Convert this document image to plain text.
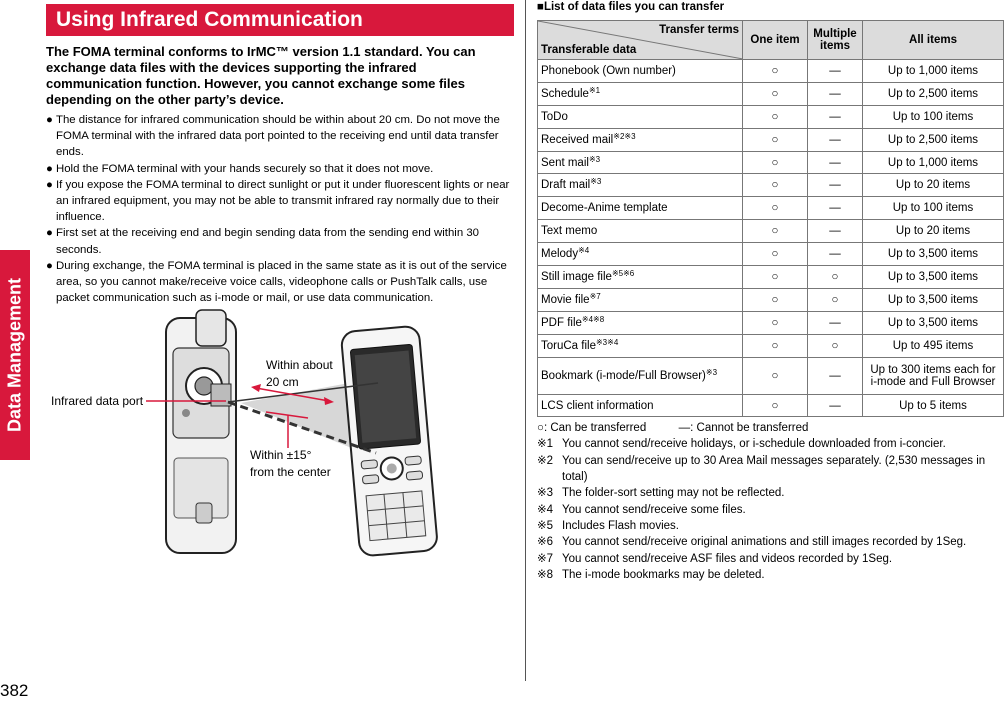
Data Management
382
Using Infrared Communication
The FOMA terminal conforms to IrMC™ version 1.1 standard. You can exchange data files with the devices supporting the infrared communication function. However, you cannot exchange some files depending on the other party’s device.
● The distance for infrared communication should be within about 20 cm. Do not move the FOMA terminal with the infrared data port pointed to the receiving end until data transfer ends.
● Hold the FOMA terminal with your hands securely so that it does not move.
● If you expose the FOMA terminal to direct sunlight or put it under fluorescent lights or near an infrared equipment, you may not be able to transmit infrared ray normally due to their influence.
● First set at the receiving end and begin sending data from the sending end within 30 seconds.
● During exchange, the FOMA terminal is placed in the same state as it is out of the service area, so you cannot make/receive voice calls, videophone calls or PushTalk calls, use packet communication such as i-mode or mail, or use data communication.
Infrared data port
Within about
20 cm
Within ±15°
from the center
■List of data files you can transfer
Transfer terms
Transferable data	One item	Multiple items	All items
Phonebook (Own number)	○	—	Up to 1,000 items
Schedule$^{※1}$	○	—	Up to 2,500 items
ToDo	○	—	Up to 100 items
Received mail$^{※2※3}$	○	—	Up to 2,500 items
Sent mail$^{※3}$	○	—	Up to 1,000 items
Draft mail$^{※3}$	○	—	Up to 20 items
Decome-Anime template	○	—	Up to 100 items
Text memo	○	—	Up to 20 items
Melody$^{※4}$	○	—	Up to 3,500 items
Still image file$^{※5※6}$	○	○	Up to 3,500 items
Movie file$^{※7}$	○	○	Up to 3,500 items
PDF file$^{※4※8}$	○	—	Up to 3,500 items
ToruCa file$^{※3※4}$	○	○	Up to 495 items
Bookmark (i-mode/Full Browser)$^{※3}$	○	—	Up to 300 items each for i-mode and Full Browser
LCS client information	○	—	Up to 5 items
○: Can be transferred	—: Cannot be transferred
※1 You cannot send/receive holidays, or i-schedule downloaded from i-concier.
※2 You can send/receive up to 30 Area Mail messages separately. (2,530 messages in total)
※3 The folder-sort setting may not be reflected.
※4 You cannot send/receive some files.
※5 Includes Flash movies.
※6 You cannot send/receive original animations and still images recorded by 1Seg.
※7 You cannot send/receive ASF files and videos recorded by 1Seg.
※8 The i-mode bookmarks may be deleted.
